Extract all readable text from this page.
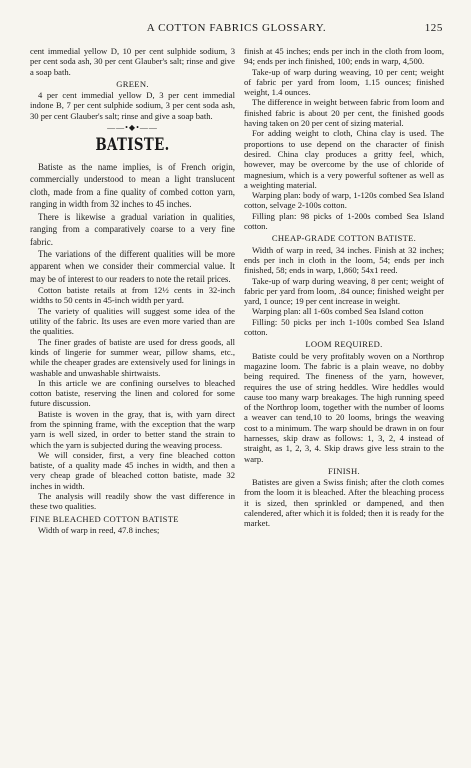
A COTTON FABRICS GLOSSARY.	125

cent immedial yellow D, 10 per cent sulphide sodium, 3 per cent soda ash, 30 per cent Glauber's salt; rinse and give a soap bath.

GREEN.

4 per cent immedial yellow D, 3 per cent immedial indone B, 7 per cent sulphide sodium, 3 per cent soda ash, 30 per cent Glauber's salt; rinse and give a soap bath.

——•◆•——
BATISTE.

Batiste as the name implies, is of French origin, commercially understood to mean a light translucent cloth, made from a fine quality of combed cotton yarn, ranging in width from 32 inches to 45 inches.

There is likewise a gradual variation in qualities, ranging from a comparatively coarse to a very fine fabric.

The variations of the different qualities will be more apparent when we consider their commercial value. It may be of interest to our readers to note the retail prices.

Cotton batiste retails at from 12½ cents in 32-inch widths to 50 cents in 45-inch width per yard.

The variety of qualities will suggest some idea of the utility of the fabric. Its uses are even more varied than are the qualities.

The finer grades of batiste are used for dress goods, all kinds of lingerie for summer wear, pillow shams, etc., while the cheaper grades are extensively used for linings in washable and unwashable shirtwaists.

In this article we are confining ourselves to bleached cotton batiste, reserving the linen and colored for some future discussion.

Batiste is woven in the gray, that is, with yarn direct from the spinning frame, with the exception that the warp yarn is well sized, in order to better stand the strain to which the yarn is subjected during the weaving process.

We will consider, first, a very fine bleached cotton batiste, of a quality made 45 inches in width, and then a very cheap grade of bleached cotton batiste, made 32 inches in width.

The analysis will readily show the vast difference in these two qualities.

FINE BLEACHED COTTON BATISTE

Width of warp in reed, 47.8 inches;

finish at 45 inches; ends per inch in the cloth from loom, 94; ends per inch finished, 100; ends in warp, 4,500.

Take-up of warp during weaving, 10 per cent; weight of fabric per yard from loom, 1.15 ounces; finished weight, 1.4 ounces.

The difference in weight between fabric from loom and finished fabric is about 20 per cent, the finished goods having taken on 20 per cent of sizing material.

For adding weight to cloth, China clay is used. The proportions to use depend on the character of finish desired. China clay produces a gritty feel, which, however, may be overcome by the use of chloride of magnesium, which is a very powerful softener as well as a weighting material.

Warping plan: body of warp, 1-120s combed Sea Island cotton, selvage 2-100s cotton.

Filling plan: 98 picks of 1-200s combed Sea Island cotton.

CHEAP-GRADE COTTON BATISTE.

Width of warp in reed, 34 inches. Finish at 32 inches; ends per inch in cloth in the loom, 54; ends per inch finished, 58; ends in warp, 1,860; 54x1 reed.

Take-up of warp during weaving, 8 per cent; weight of fabric per yard from loom, .84 ounce; finished weight per yard, 1 ounce; 19 per cent increase in weight.

Warping plan: all 1-60s combed Sea Island cotton

Filling: 50 picks per inch 1-100s combed Sea Island cotton.

LOOM REQUIRED.

Batiste could be very profitably woven on a Northrop magazine loom. The fabric is a plain weave, no dobby being required. The fineness of the yarn, however, requires the use of string heddles. Wire heddles would cause too many warp breakages. The high running speed of the Northrop loom, together with the number of looms a weaver can tend,10 to 20 looms, brings the weaving cost to a minimum. The warp should be drawn in on four harnesses, skip draw as follows: 1, 3, 2, 4 instead of straight, as 1, 2, 3, 4. Skip draws give less strain to the warp.

FINISH.

Batistes are given a Swiss finish; after the cloth comes from the loom it is bleached. After the bleaching process it is sized, then sprinkled or dampened, and then calendered, after which it is folded; then it is ready for the market.
